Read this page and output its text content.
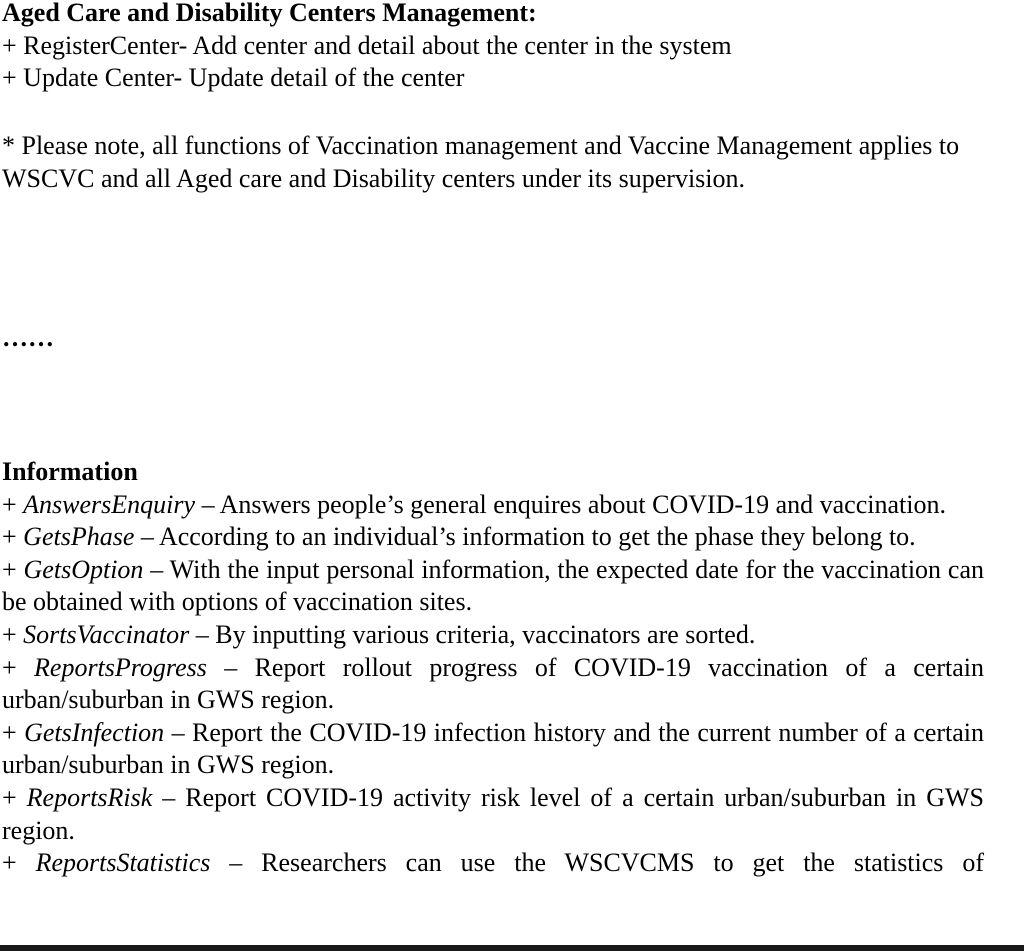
Aged Care and Disability Centers Management:

+ RegisterCenter- Add center and detail about the center in the system

+ Update Center- Update detail of the center

* Please note, all functions of Vaccination management and Vaccine Management applies to WSCVC and all Aged care and Disability centers under its supervision.

……

Information

+ AnswersEnquiry – Answers people’s general enquires about COVID-19 and vaccination.

+ GetsPhase – According to an individual’s information to get the phase they belong to.

+ GetsOption – With the input personal information, the expected date for the vaccination can be obtained with options of vaccination sites.

+ SortsVaccinator – By inputting various criteria, vaccinators are sorted.

+ ReportsProgress – Report rollout progress of COVID-19 vaccination of a certain urban/suburban in GWS region.

+ GetsInfection – Report the COVID-19 infection history and the current number of a certain urban/suburban in GWS region.

+ ReportsRisk – Report COVID-19 activity risk level of a certain urban/suburban in GWS region.

+ ReportsStatistics – Researchers can use the WSCVCMS to get the statistics of
